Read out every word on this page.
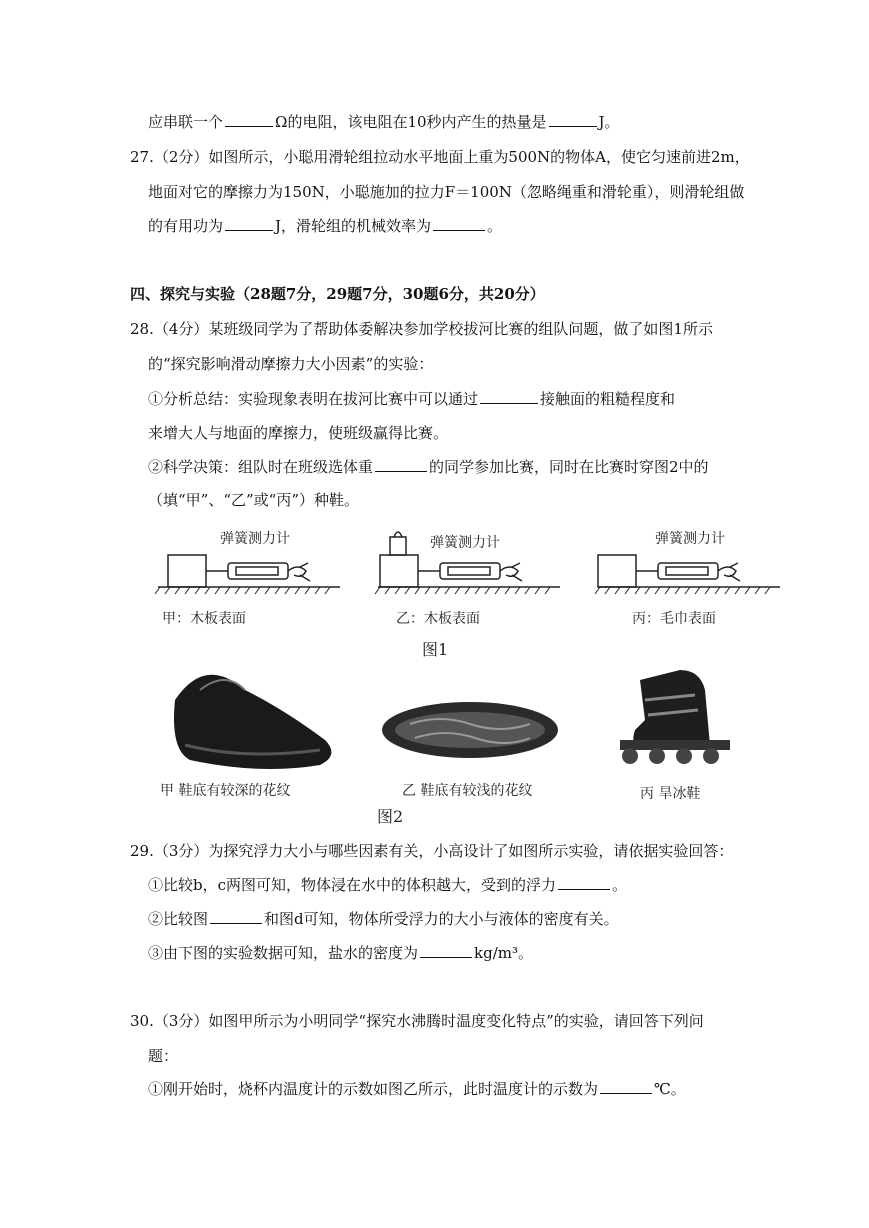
应串联一个	Ω的电阻，该电阻在10秒内产生的热量是	J。
27.（2分）如图所示，小聪用滑轮组拉动水平地面上重为500N的物体A，使它匀速前进2m，
地面对它的摩擦力为150N，小聪施加的拉力F＝100N（忽略绳重和滑轮重），则滑轮组做
的有用功为	J，滑轮组的机械效率为	。
四、探究与实验（28题7分，29题7分，30题6分，共20分）
28.（4分）某班级同学为了帮助体委解决参加学校拔河比赛的组队问题，做了如图1所示
的“探究影响滑动摩擦力大小因素”的实验：
①分析总结：实验现象表明在拔河比赛中可以通过	接触面的粗糙程度和
来增大人与地面的摩擦力，使班级赢得比赛。
②科学决策：组队时在班级选体重	的同学参加比赛，同时在比赛时穿图2中的
（填“甲”、“乙”或“丙”）种鞋。
弹簧测力计	弹簧测力计	弹簧测力计
甲：木板表面	乙：木板表面	丙：毛巾表面
图1
甲 鞋底有较深的花纹	乙 鞋底有较浅的花纹	丙 旱冰鞋
图2
29.（3分）为探究浮力大小与哪些因素有关，小高设计了如图所示实验，请依据实验回答：
①比较b，c两图可知，物体浸在水中的体积越大，受到的浮力	。
②比较图	和图d可知，物体所受浮力的大小与液体的密度有关。
③由下图的实验数据可知，盐水的密度为	kg/m³。
30.（3分）如图甲所示为小明同学“探究水沸腾时温度变化特点”的实验，请回答下列问
题：
①刚开始时，烧杯内温度计的示数如图乙所示，此时温度计的示数为	℃。
